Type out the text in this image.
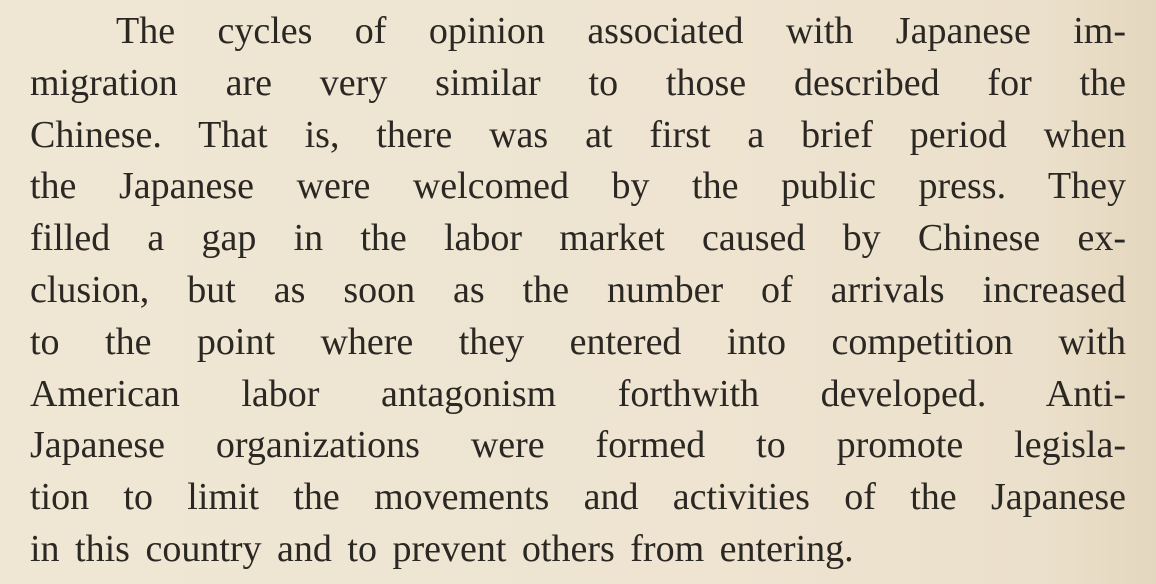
The cycles of opinion associated with Japanese im-
migration are very similar to those described for the
Chinese. That is, there was at first a brief period when
the Japanese were welcomed by the public press. They
filled a gap in the labor market caused by Chinese ex-
clusion, but as soon as the number of arrivals increased
to the point where they entered into competition with
American labor antagonism forthwith developed. Anti-
Japanese organizations were formed to promote legisla-
tion to limit the movements and activities of the Japanese
in this country and to prevent others from entering.
